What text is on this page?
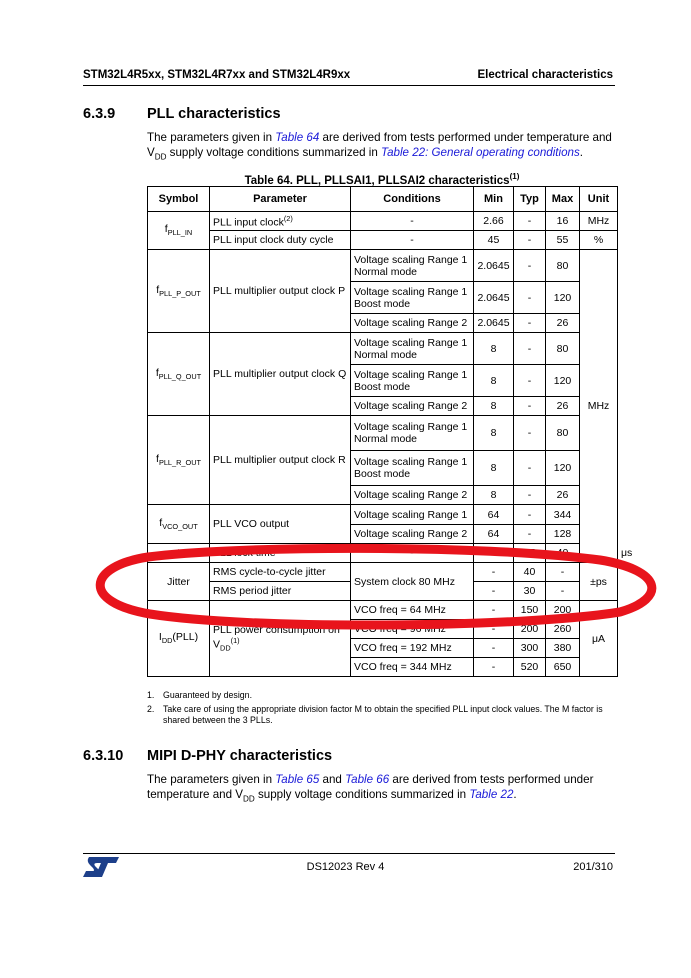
STM32L4R5xx, STM32L4R7xx and STM32L4R9xx	Electrical characteristics
6.3.9 PLL characteristics
The parameters given in Table 64 are derived from tests performed under temperature and $V_{DD}$ supply voltage conditions summarized in Table 22: General operating conditions.
Table 64. PLL, PLLSAI1, PLLSAI2 characteristics$^{(1)}$
Symbol	Parameter	Conditions	Min	Typ	Max	Unit	
$f_{PLL\_IN}$	PLL input clock$^{(2)}$	-	2.66	-	16	MHz	
	PLL input clock duty cycle	-	45	-	55	%	
$f_{PLL\_P\_OUT}$	PLL multiplier output clock P	Voltage scaling Range 1
Normal mode	2.0645	-	80	MHz	
		Voltage scaling Range 1
Boost mode	2.0645	-	120		
		Voltage scaling Range 2	2.0645	-	26		
$f_{PLL\_Q\_OUT}$	PLL multiplier output clock Q	Voltage scaling Range 1
Normal mode	8	-	80		
		Voltage scaling Range 1
Boost mode	8	-	120		
		Voltage scaling Range 2	8	-	26		
$f_{PLL\_R\_OUT}$	PLL multiplier output clock R	Voltage scaling Range 1
Normal mode	8	-	80		
		Voltage scaling Range 1
Boost mode	8	-	120		
		Voltage scaling Range 2	8	-	26		
$f_{VCO\_OUT}$	PLL VCO output	Voltage scaling Range 1	64	-	344		
		Voltage scaling Range 2	64	-	128		
t	PLL lock time	-	-	15	40		μs
Jitter	RMS cycle-to-cycle jitter	System clock 80 MHz	-	40	-	±ps	
	RMS period jitter		-	30	-		
$I_{DD}(PLL)$	PLL power consumption on $V_{DD}^{(1)}$	VCO freq = 64 MHz	-	150	200	μA	
		VCO freq = 96 MHz	-	200	260		
		VCO freq = 192 MHz	-	300	380		
		VCO freq = 344 MHz	-	520	650		
1. Guaranteed by design.
2. Take care of using the appropriate division factor M to obtain the specified PLL input clock values. The M factor is shared between the 3 PLLs.
6.3.10 MIPI D-PHY characteristics
The parameters given in Table 65 and Table 66 are derived from tests performed under temperature and $V_{DD}$ supply voltage conditions summarized in Table 22.
DS12023 Rev 4	201/310
